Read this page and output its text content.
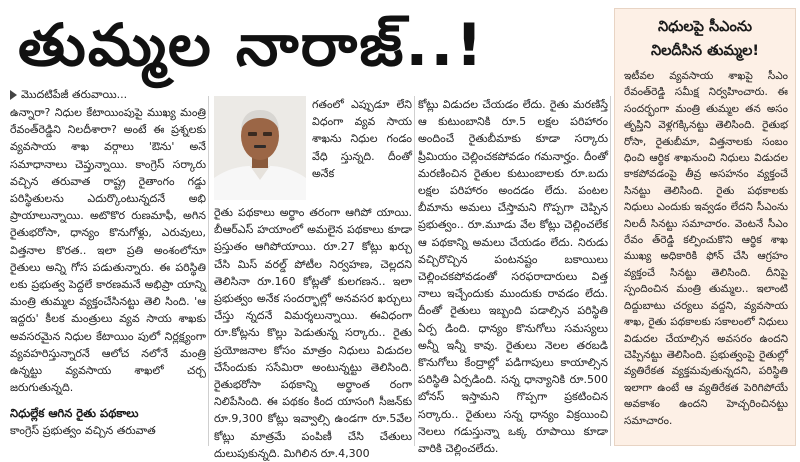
తుమ్మల నారాజ్..!
మొదటిపేజీ తరువాయి...

ఉన్నారా? నిధుల కేటాయింపుపై ముఖ్య మంత్రి రేవంత్‌రెడ్డిని నిలదీశారా? అంటే ఈ ప్రశ్నలకు వ్యవసాయ శాఖ వర్గాలు 'ఔను' అనే సమాధానాలు చెప్తున్నాయి. కాంగ్రెస్ సర్కారు వచ్చిన తరువాత రాష్ట్ర రైతాంగం గడ్డు పరిస్థితులను ఎదుర్కొంటున్నదనే అభి ప్రాయాలున్నాయి. అటొకొర రుణమాఫీ, అగిన రైతుభరోసా, ధాన్యం కొనుగోళ్లు, ఎరువులు, విత్తనాల కొరత.. ఇలా ప్రతి అంశంలోనూ రైతులు అన్ని గోస పడుతున్నారు. ఈ పరిస్థితి లకు ప్రభుత్వ పెద్దలే కారణమనే అభిప్రా యాన్ని మంత్రి తుమ్మల వ్యక్తంచేసినట్టు తెలి సింది. 'ఆ ఇద్దరు' కీలక మంత్రులు వ్యవ సాయ శాఖకు అవసరమైన నిధుల కేటాయిం పులో నిర్లక్ష్యంగా వ్యవహరిస్తున్నారనే ఆలోచ నలోనే మంత్రి ఉన్నట్టు వ్యవసాయ శాఖలో చర్చ జరుగుతున్నది.

నిధుల్లేక ఆగిన రైతు పథకాలు

కాంగ్రెస్ ప్రభుత్వం వచ్చిన తరువాత

గతంలో ఎప్పుడూ లేని విధంగా వ్యవ సాయ శాఖను నిధుల గండం వేధి స్తున్నది. దీంతో అనేక

రైతు పథకాలు అర్థాం తరంగా ఆగిపో యాయి. బీఆర్‌ఎస్ హయాంలో అమలైన పథకాలు కూడా ప్రస్తుతం ఆగిపోయాయి. రూ.27 కోట్లు ఖర్చు చేసి మిస్ వరల్డ్ పోటీల నిర్వహణ, చెల్లదని తెలిసినా రూ.160 కోట్లతో కులగణన.. ఇలా ప్రభుత్వం అనేక సందర్భాల్లో అనవసర ఖర్చులు చేస్తు న్నదనే విమర్శలున్నాయి. ఈవిధంగా రూ.కోట్లను కొల్లు పెడుతున్న సర్కారు.. రైతు ప్రయోజనాల కోసం మాత్రం నిధులు విడుదల చేసేందుకు ససేమిరా అంటున్నట్టు తెలిసింది. రైతుభరోసా పథకాన్ని అర్థాంత రంగా నిలిపేసింది. ఈ పథకం కింద యాసంగి సీజన్‌కు రూ.9,300 కోట్లు ఇవ్వాల్సి ఉండగా రూ.5వేల కోట్లు మాత్రమే పంపిణీ చేసి చేతులు దులుపుకున్నది. మిగిలిన రూ.4,300

కోట్లు విడుదల చేయడం లేదు. రైతు మరణిస్తే ఆ కుటుంబానికి రూ.5 లక్షల పరిహారం అందించే రైతుబీమాకు కూడా సర్కారు ప్రీమియం చెల్లించకపోవడం గమనార్హం. దీంతో మరణించిన రైతుల కుటుంబాలకు రూ.బదు లక్షల పరిహారం అందడం లేదు. పంటల బీమాను అమలు చేస్తామని గొప్పగా చెప్పిన ప్రభుత్వం.. రూ.మూడు వేల కోట్లు చెల్లించలేక ఆ పథకాన్ని అమలు చేయడం లేదు. నిరుడు వచ్చిరొచ్చిన పంటనష్టం బకాయిలు చెల్లించకపోవడంతో సరఫరాదారులు విత్త నాలు ఇచ్చేందుకు ముందుకు రావడం లేదు. దీంతో రైతులు ఇబ్బంది పడాల్సిన పరిస్థితి ఏర్ప డింది. ధాన్యం కొనుగోలు సమస్యలు అన్నీ ఇన్నీ కావు. రైతులు నెలల తరబడి కొనుగోలు కేంద్రాల్లో పడిగాపులు కాయాల్సిన పరిస్థితి ఏర్పడింది. సన్న ధాన్యానికి రూ.500 బోనస్ ఇస్తామని గొప్పగా ప్రకటించిన సర్కారు.. రైతులు సన్న ధాన్యం విక్రయించి నెలలు గడుస్తున్నా ఒక్క రూపాయి కూడా వారికి చెల్లించలేదు.

నిధులపై సీఎంను
నిలదీసిన తుమ్మల!

ఇటీవల వ్యవసాయ శాఖపై సీఎం రేవంత్‌రెడ్డి సమీక్ష నిర్వహించారు. ఈ సందర్భంగా మంత్రి తుమ్మల తన అసం తృప్తిని వెళ్లగక్కినట్టు తెలిసింది. రైతుభ రోసా, రైతుబీమా, విత్తనాలకు సంబం ధించి ఆర్థిక శాఖనుంచి నిధులు విడుదల కాకపోవడంపై తీవ్ర అసహనం వ్యక్తంచే సినట్టు తెలిసింది. రైతు పథకాలకు నిధులు ఎందుకు ఇవ్వడం లేదని సీఎంను నిలదీ సినట్టు సమాచారం. వెంటనే సీఎం రేవం త్‌రెడ్డి కల్పించుకొని ఆర్థిక శాఖ ముఖ్య అధికారికి ఫోన్ చేసి ఆగ్రహం వ్యక్తంచే సినట్టు తెలిసింది. దీనిపై స్పందించిన మంత్రి తుమ్మల.. ఇలాంటి దిద్దుబాటు చర్యలు వద్దని, వ్యవసాయ శాఖ, రైతు పథకాలకు సకాలంలో నిధులు విడుదల చేయాల్సిన అవసరం ఉందని చెప్పినట్టు తెలిసింది. ప్రభుత్వంపై రైతుల్లో వ్యతిరేకత వ్యక్తమవుతున్నదని, పరిస్థితి ఇలాగా ఉంటే ఆ వ్యతిరేకత పెరిగిపోయే అవకాశం ఉందని హెచ్చరించినట్టు సమాచారం.
